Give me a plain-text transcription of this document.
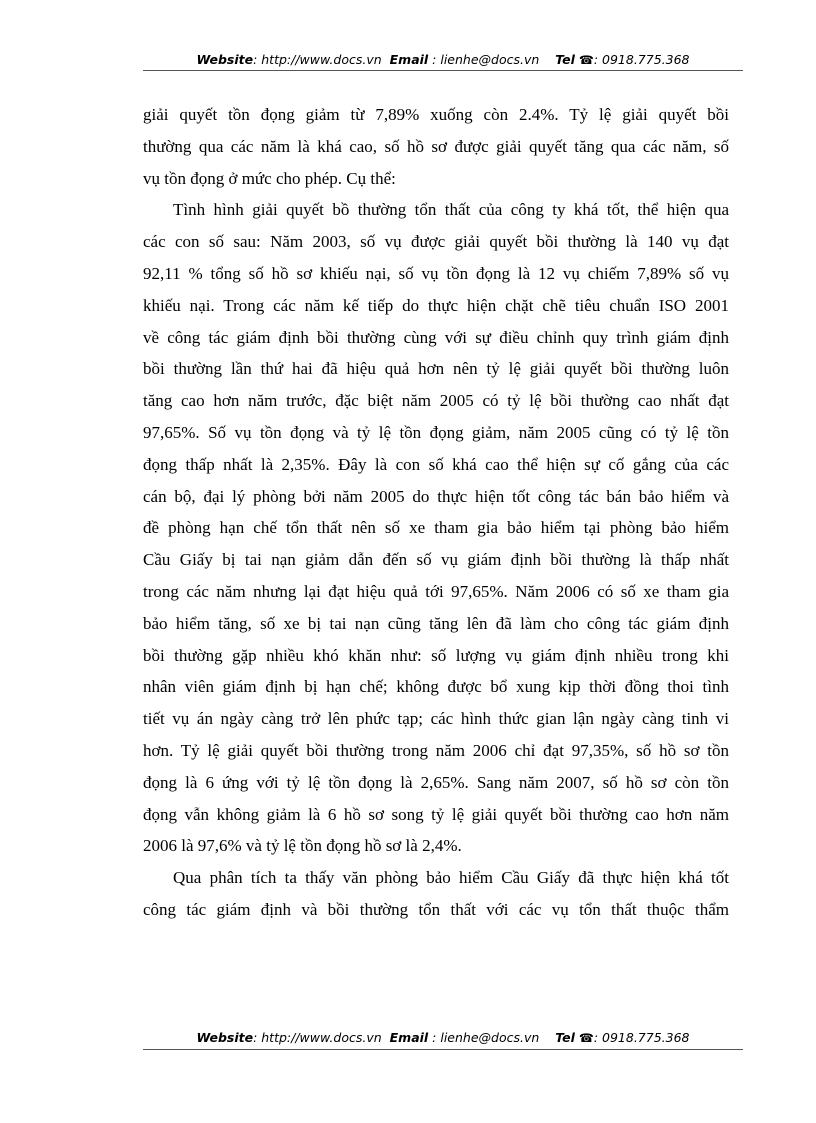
Website: http://www.docs.vn Email : lienhe@docs.vn Tel ☎: 0918.775.368
giải quyết tồn đọng giảm từ 7,89% xuống còn 2.4%. Tỷ lệ giải quyết bồi
thường qua các năm là khá cao, số hồ sơ được giải quyết tăng qua các năm, số
vụ tồn đọng ở mức cho phép. Cụ thể:
Tình hình giải quyết bồ thường tổn thất của công ty khá tốt, thể hiện qua
các con số sau: Năm 2003, số vụ được giải quyết bồi thường là 140 vụ đạt
92,11 % tổng số hồ sơ khiếu nại, số vụ tồn đọng là 12 vụ chiếm 7,89% số vụ
khiếu nại. Trong các năm kế tiếp do thực hiện chặt chẽ tiêu chuẩn ISO 2001
về công tác giám định bồi thường cùng với sự điều chỉnh quy trình giám định
bồi thường lần thứ hai đã hiệu quả hơn nên tỷ lệ giải quyết bồi thường luôn
tăng cao hơn năm trước, đặc biệt năm 2005 có tỷ lệ bồi thường cao nhất đạt
97,65%. Số vụ tồn đọng và tỷ lệ tồn đọng giảm, năm 2005 cũng có tỷ lệ tồn
đọng thấp nhất là 2,35%. Đây là con số khá cao thể hiện sự cố gắng của các
cán bộ, đại lý phòng bởi năm 2005 do thực hiện tốt công tác bán bảo hiểm và
đề phòng hạn chế tổn thất nên số xe tham gia bảo hiểm tại phòng bảo hiểm
Cầu Giấy bị tai nạn giảm dẫn đến số vụ giám định bồi thường là thấp nhất
trong các năm nhưng lại đạt hiệu quả tới 97,65%. Năm 2006 có số xe tham gia
bảo hiểm tăng, số xe bị tai nạn cũng tăng lên đã làm cho công tác giám định
bồi thường gặp nhiều khó khăn như: số lượng vụ giám định nhiều trong khi
nhân viên giám định bị hạn chế; không được bổ xung kịp thời đồng thoi tình
tiết vụ án ngày càng trở lên phức tạp; các hình thức gian lận ngày càng tinh vi
hơn. Tỷ lệ giải quyết bồi thường trong năm 2006 chỉ đạt 97,35%, số hồ sơ tồn
đọng là 6 ứng với tỷ lệ tồn đọng là 2,65%. Sang năm 2007, số hồ sơ còn tồn
đọng vẫn không giảm là 6 hồ sơ song tỷ lệ giải quyết bồi thường cao hơn năm
2006 là 97,6% và tỷ lệ tồn đọng hồ sơ là 2,4%.
Qua phân tích ta thấy văn phòng bảo hiểm Cầu Giấy đã thực hiện khá tốt
công tác giám định và bồi thường tổn thất với các vụ tổn thất thuộc thẩm
Website: http://www.docs.vn Email : lienhe@docs.vn Tel ☎: 0918.775.368
